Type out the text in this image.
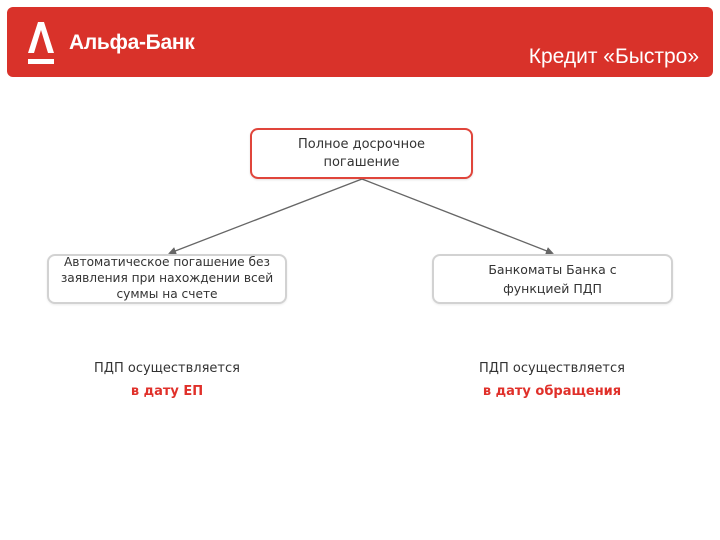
Альфа-Банк
Кредит «Быстро»
Полное досрочное погашение
Автоматическое погашение без заявления при нахождении всей суммы на счете
Банкоматы Банка с функцией ПДП
ПДП осуществляется
в дату ЕП
ПДП осуществляется
в дату обращения
